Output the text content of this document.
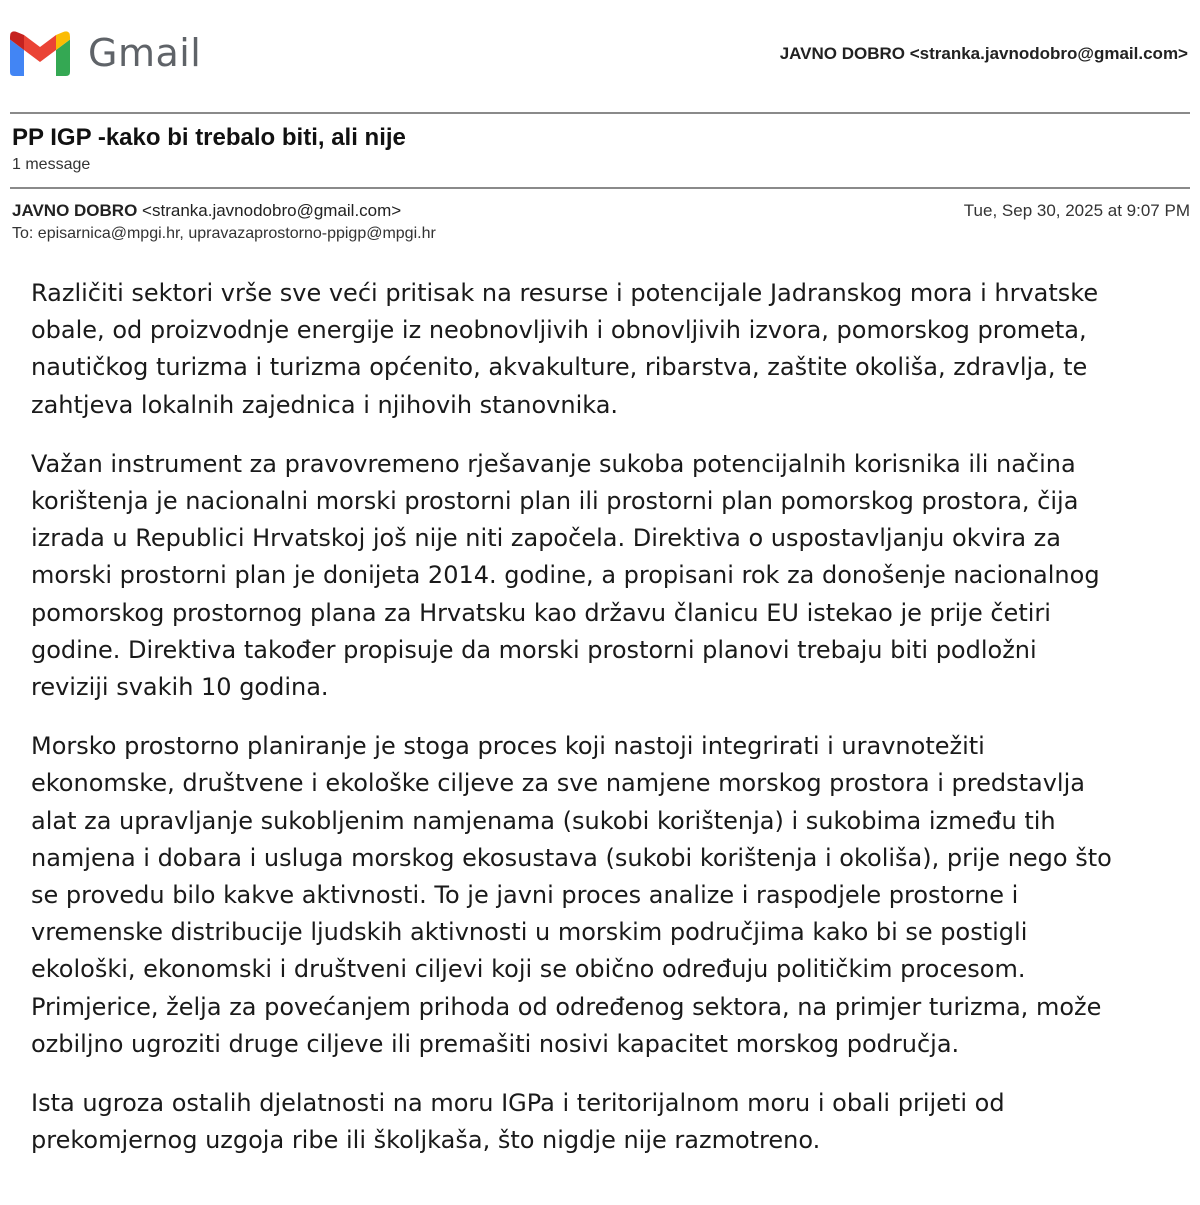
Gmail	JAVNO DOBRO <stranka.javnodobro@gmail.com>
PP IGP -kako bi trebalo biti, ali nije
1 message
JAVNO DOBRO <stranka.javnodobro@gmail.com>	Tue, Sep 30, 2025 at 9:07 PM
To: episarnica@mpgi.hr, upravazaprostorno-ppigp@mpgi.hr

Različiti sektori vrše sve veći pritisak na resurse i potencijale Jadranskog mora i hrvatske
obale, od proizvodnje energije iz neobnovljivih i obnovljivih izvora, pomorskog prometa,
nautičkog turizma i turizma općenito, akvakulture, ribarstva, zaštite okoliša, zdravlja, te
zahtjeva lokalnih zajednica i njihovih stanovnika.

Važan instrument za pravovremeno rješavanje sukoba potencijalnih korisnika ili načina
korištenja je nacionalni morski prostorni plan ili prostorni plan pomorskog prostora, čija
izrada u Republici Hrvatskoj još nije niti započela. Direktiva o uspostavljanju okvira za
morski prostorni plan je donijeta 2014. godine, a propisani rok za donošenje nacionalnog
pomorskog prostornog plana za Hrvatsku kao državu članicu EU istekao je prije četiri
godine. Direktiva također propisuje da morski prostorni planovi trebaju biti podložni
reviziji svakih 10 godina.

Morsko prostorno planiranje je stoga proces koji nastoji integrirati i uravnotežiti
ekonomske, društvene i ekološke ciljeve za sve namjene morskog prostora i predstavlja
alat za upravljanje sukobljenim namjenama (sukobi korištenja) i sukobima između tih
namjena i dobara i usluga morskog ekosustava (sukobi korištenja i okoliša), prije nego što
se provedu bilo kakve aktivnosti. To je javni proces analize i raspodjele prostorne i
vremenske distribucije ljudskih aktivnosti u morskim područjima kako bi se postigli
ekološki, ekonomski i društveni ciljevi koji se obično određuju političkim procesom.
Primjerice, želja za povećanjem prihoda od određenog sektora, na primjer turizma, može
ozbiljno ugroziti druge ciljeve ili premašiti nosivi kapacitet morskog područja.

Ista ugroza ostalih djelatnosti na moru IGPa i teritorijalnom moru i obali prijeti od
prekomjernog uzgoja ribe ili školjkaša, što nigdje nije razmotreno.
